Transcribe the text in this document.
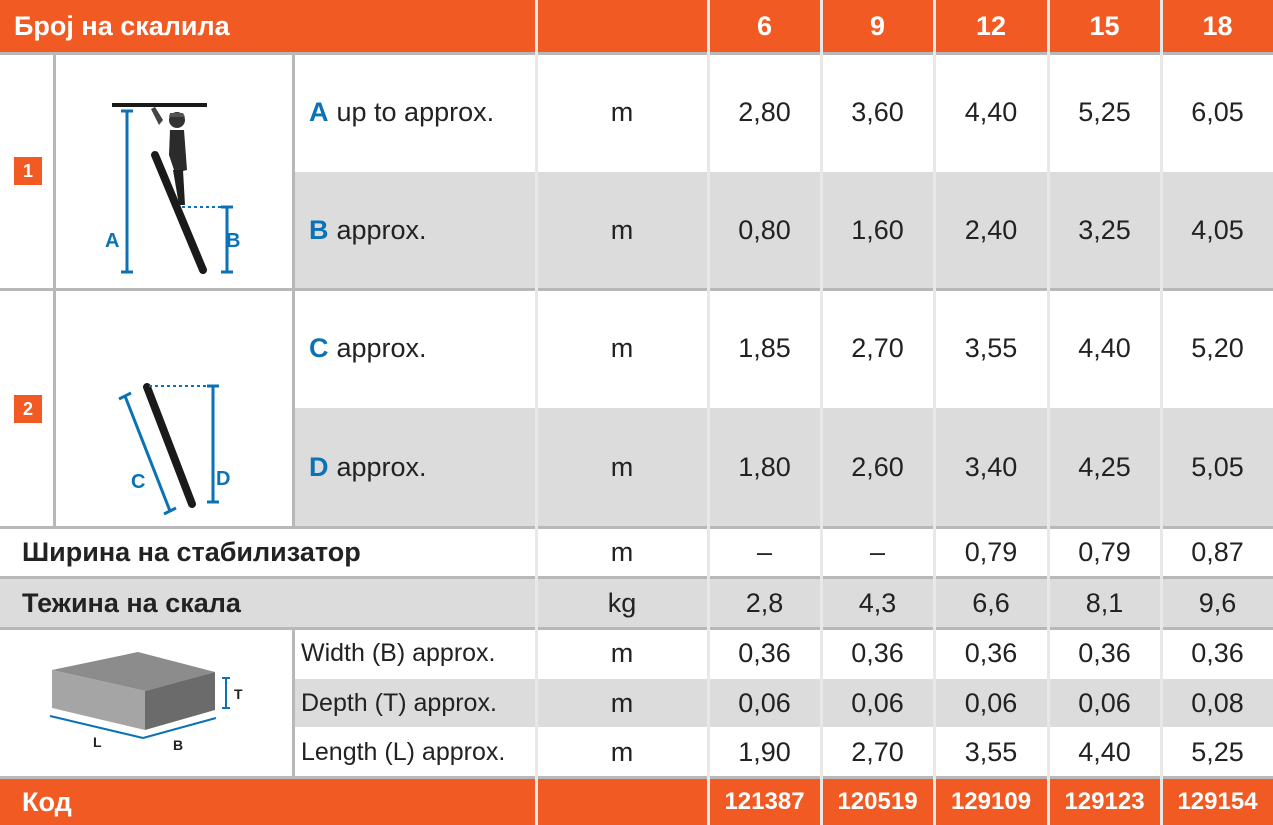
Број на скалила	6	9	12	15	18
1
A	B
A up to approx.	m	2,80	3,60	4,40	5,25	6,05
B approx.	m	0,80	1,60	2,40	3,25	4,05
2
D
C
C approx.	m	1,85	2,70	3,55	4,40	5,20
D approx.	m	1,80	2,60	3,40	4,25	5,05
Ширина на стабилизатор	m	–	–	0,79	0,79	0,87
Тежина на скала	kg	2,8	4,3	6,6	8,1	9,6
T
L	B
Width (B) approx.	m	0,36	0,36	0,36	0,36	0,36
Depth (T) approx.	m	0,06	0,06	0,06	0,06	0,08
Length (L) approx.	m	1,90	2,70	3,55	4,40	5,25
Код	121387	120519	129109	129123	129154
